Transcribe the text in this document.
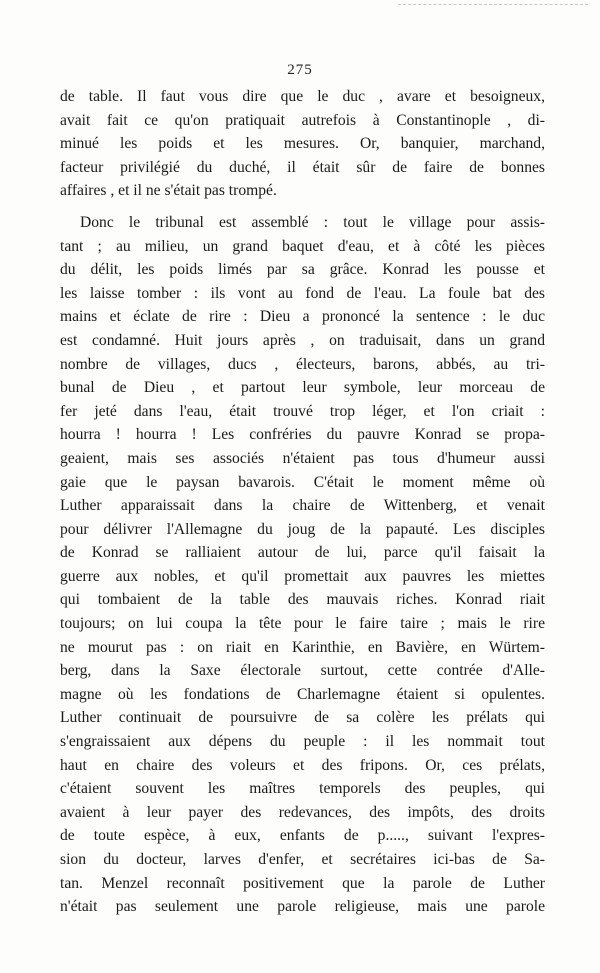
275
de table. Il faut vous dire que le duc , avare et besoigneux,
avait fait ce qu'on pratiquait autrefois à Constantinople , di-
minué les poids et les mesures. Or, banquier, marchand,
facteur privilégié du duché, il était sûr de faire de bonnes
affaires , et il ne s'était pas trompé.
Donc le tribunal est assemblé : tout le village pour assis-
tant ; au milieu, un grand baquet d'eau, et à côté les pièces
du délit, les poids limés par sa grâce. Konrad les pousse et
les laisse tomber : ils vont au fond de l'eau. La foule bat des
mains et éclate de rire : Dieu a prononcé la sentence : le duc
est condamné. Huit jours après , on traduisait, dans un grand
nombre de villages, ducs , électeurs, barons, abbés, au tri-
bunal de Dieu , et partout leur symbole, leur morceau de
fer jeté dans l'eau, était trouvé trop léger, et l'on criait :
hourra ! hourra ! Les confréries du pauvre Konrad se propa-
geaient, mais ses associés n'étaient pas tous d'humeur aussi
gaie que le paysan bavarois. C'était le moment même où
Luther apparaissait dans la chaire de Wittenberg, et venait
pour délivrer l'Allemagne du joug de la papauté. Les disciples
de Konrad se ralliaient autour de lui, parce qu'il faisait la
guerre aux nobles, et qu'il promettait aux pauvres les miettes
qui tombaient de la table des mauvais riches. Konrad riait
toujours; on lui coupa la tête pour le faire taire ; mais le rire
ne mourut pas : on riait en Karinthie, en Bavière, en Würtem-
berg, dans la Saxe électorale surtout, cette contrée d'Alle-
magne où les fondations de Charlemagne étaient si opulentes.
Luther continuait de poursuivre de sa colère les prélats qui
s'engraissaient aux dépens du peuple : il les nommait tout
haut en chaire des voleurs et des fripons. Or, ces prélats,
c'étaient souvent les maîtres temporels des peuples, qui
avaient à leur payer des redevances, des impôts, des droits
de toute espèce, à eux, enfants de p....., suivant l'expres-
sion du docteur, larves d'enfer, et secrétaires ici-bas de Sa-
tan. Menzel reconnaît positivement que la parole de Luther
n'était pas seulement une parole religieuse, mais une parole
